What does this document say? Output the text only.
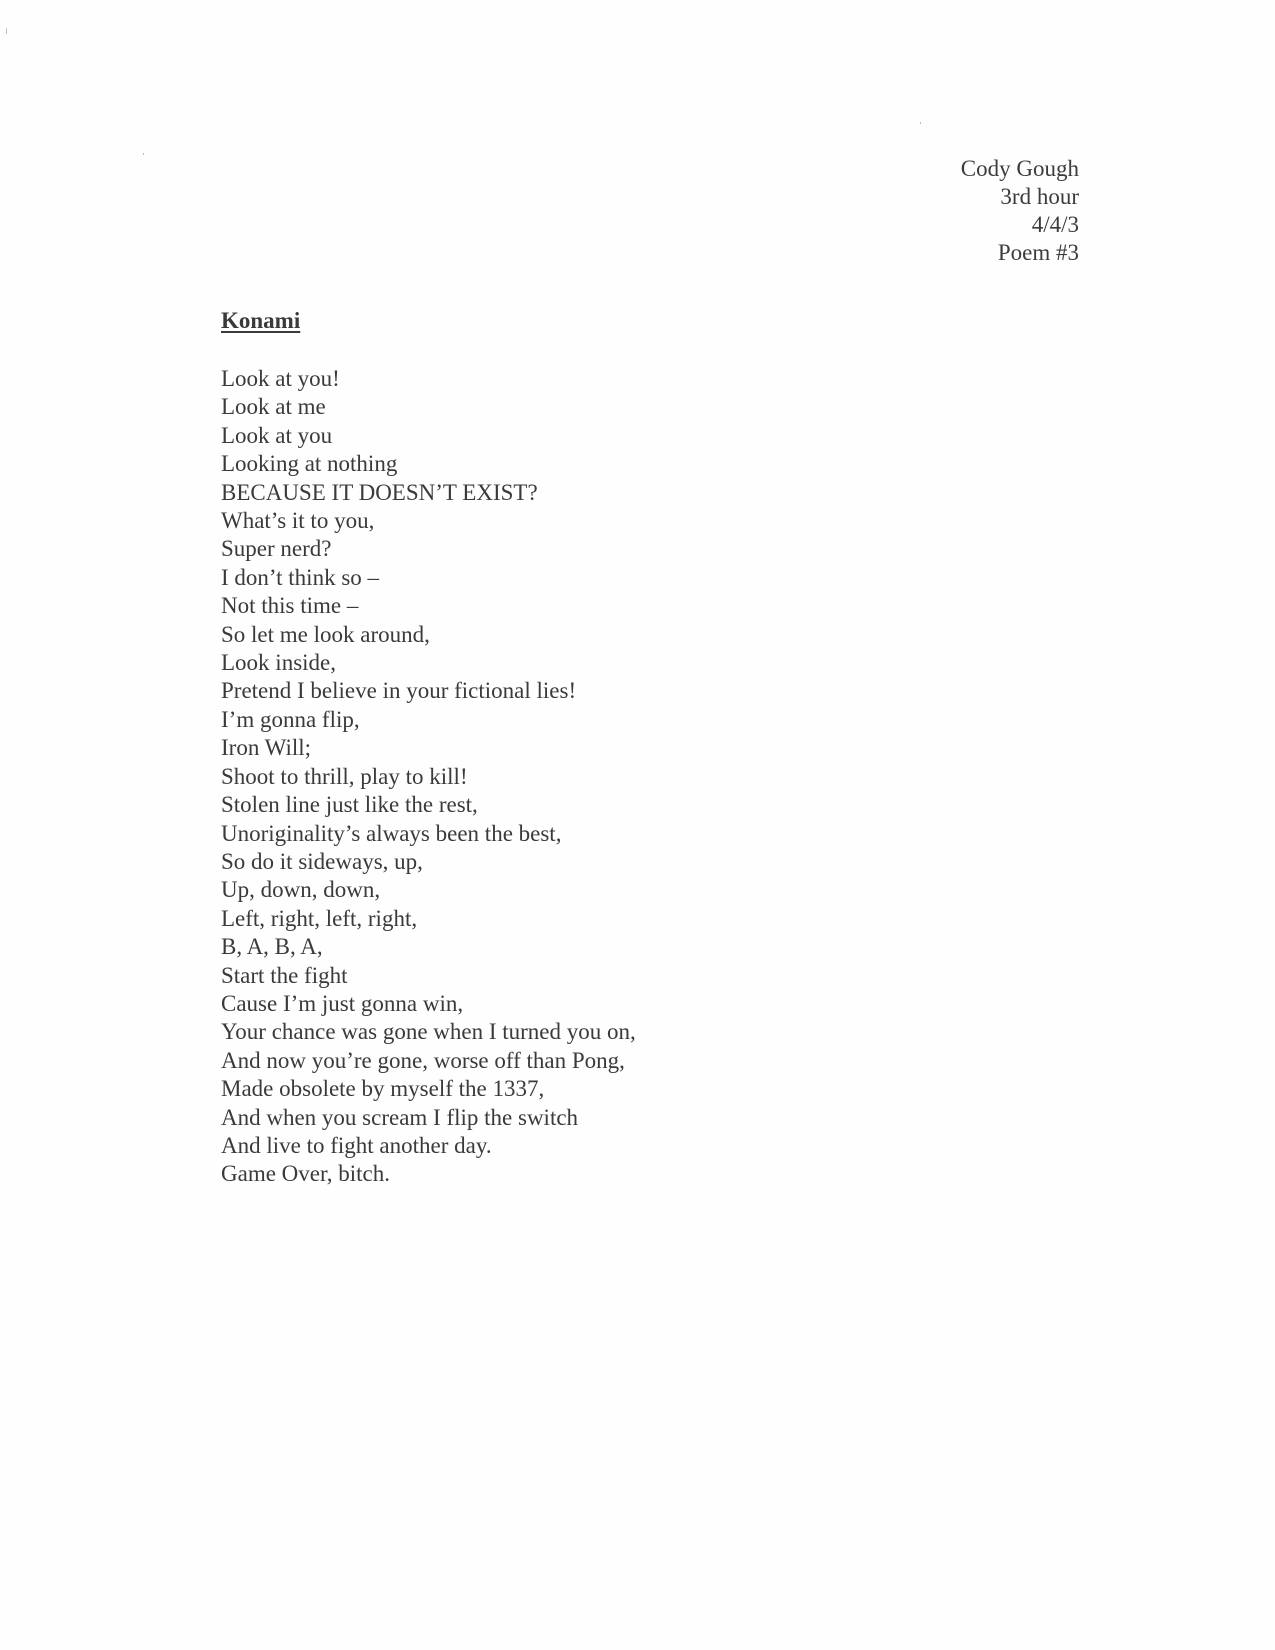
Cody Gough
3rd hour
4/4/3
Poem #3
Konami
Look at you!
Look at me
Look at you
Looking at nothing
BECAUSE IT DOESN’T EXIST?
What’s it to you,
Super nerd?
I don’t think so –
Not this time –
So let me look around,
Look inside,
Pretend I believe in your fictional lies!
I’m gonna flip,
Iron Will;
Shoot to thrill, play to kill!
Stolen line just like the rest,
Unoriginality’s always been the best,
So do it sideways, up,
Up, down, down,
Left, right, left, right,
B, A, B, A,
Start the fight
Cause I’m just gonna win,
Your chance was gone when I turned you on,
And now you’re gone, worse off than Pong,
Made obsolete by myself the 1337,
And when you scream I flip the switch
And live to fight another day.
Game Over, bitch.
